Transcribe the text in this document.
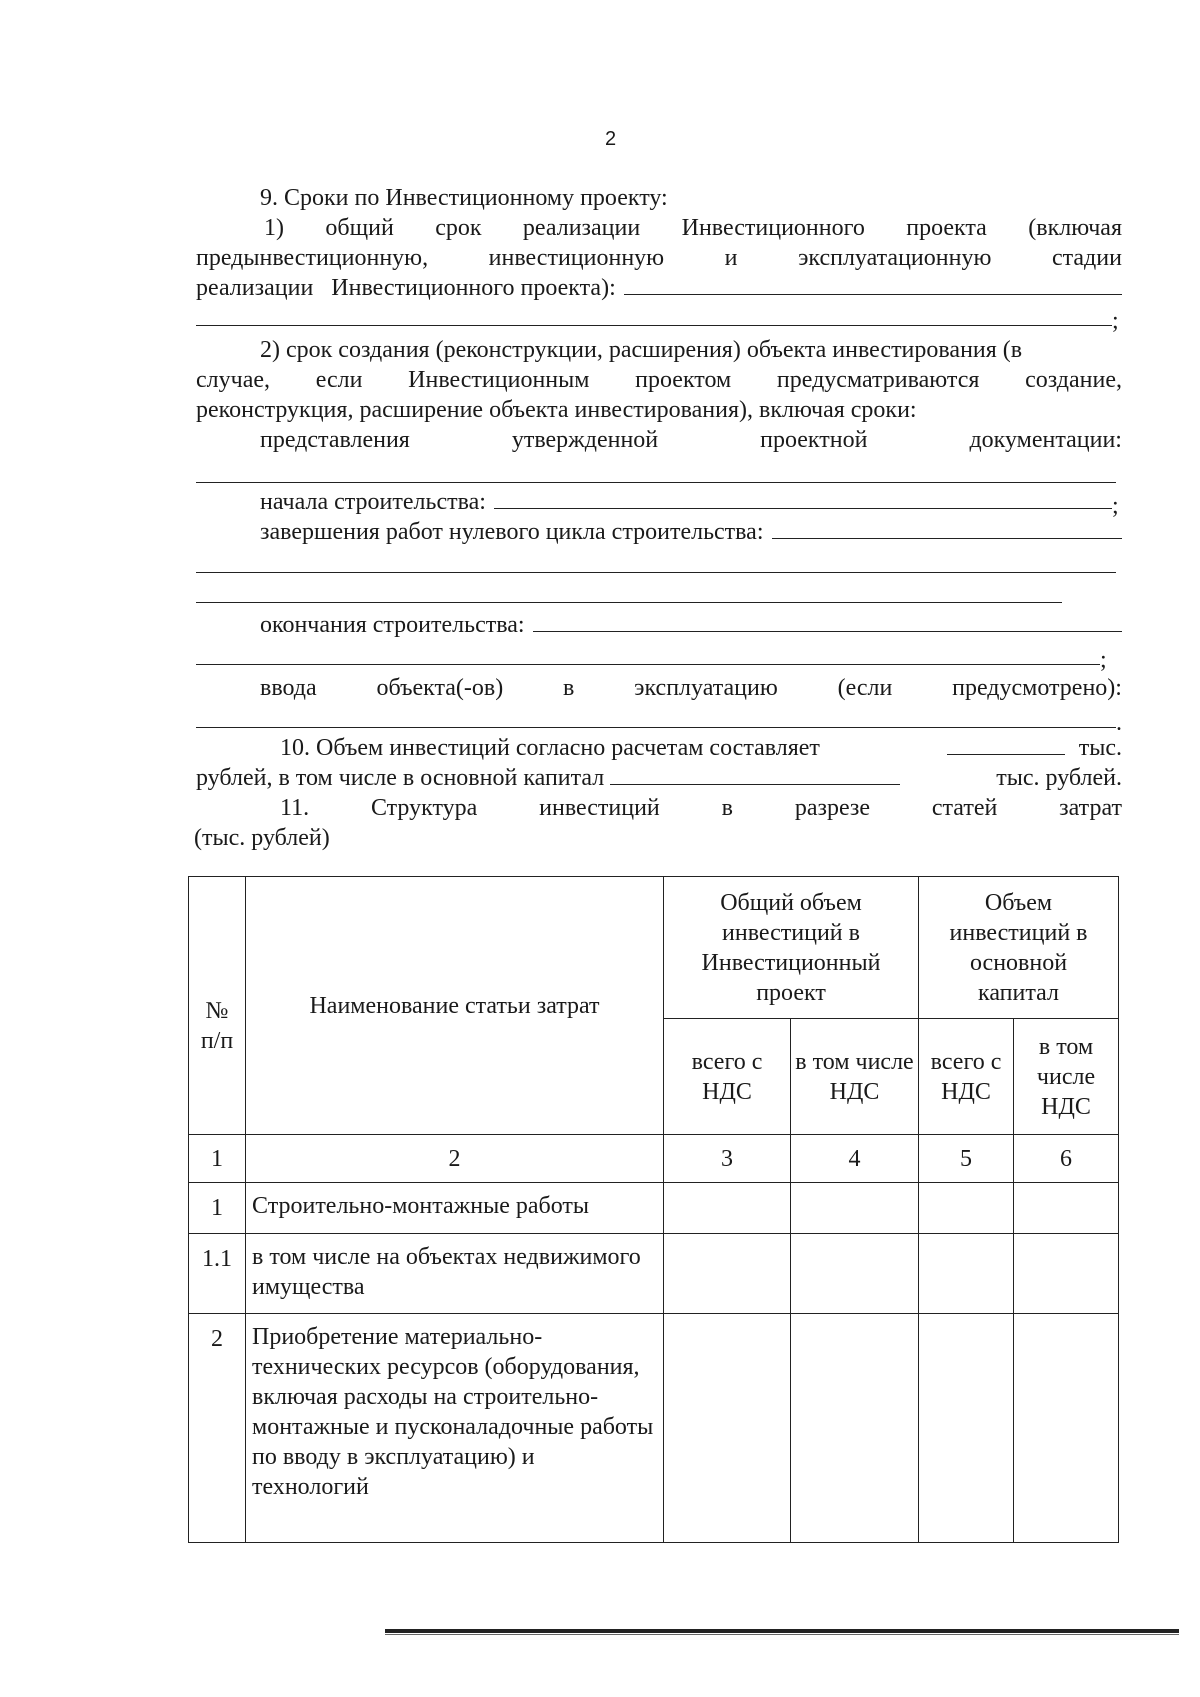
2
9. Сроки по Инвестиционному проекту:
1) общий срок реализации Инвестиционного проекта (включая
предынвестиционную,	инвестиционную	и	эксплуатационную	стадии
реализации   Инвестиционного проекта):
;
2) срок создания (реконструкции, расширения) объекта инвестирования (в
случае, если Инвестиционным проектом предусматриваются создание,
реконструкция, расширение объекта инвестирования), включая сроки:
представления	утвержденной	проектной	документации:
начала строительства:	;
завершения работ нулевого цикла строительства:
окончания строительства:
;
ввода объекта(-ов) в эксплуатацию (если предусмотрено):
.
10. Объем инвестиций согласно расчетам составляет	тыс.
рублей, в том числе в основной капитал	тыс. рублей.
11.	Структура	инвестиций	в	разрезе	статей	затрат
(тыс. рублей)
№ п/п	Наименование статьи затрат	Общий объем инвестиций в Инвестиционный проект		Объем инвестиций в основной капитал	
		всего с НДС	в том числе НДС	всего с НДС	в том числе НДС
1	2	3	4	5	6
1	Строительно-монтажные работы				
1.1	в том числе на объектах недвижимого имущества				
2	Приобретение материально-технических ресурсов (оборудования, включая расходы на строительно-монтажные и пусконаладочные работы по вводу в эксплуатацию) и технологий				
